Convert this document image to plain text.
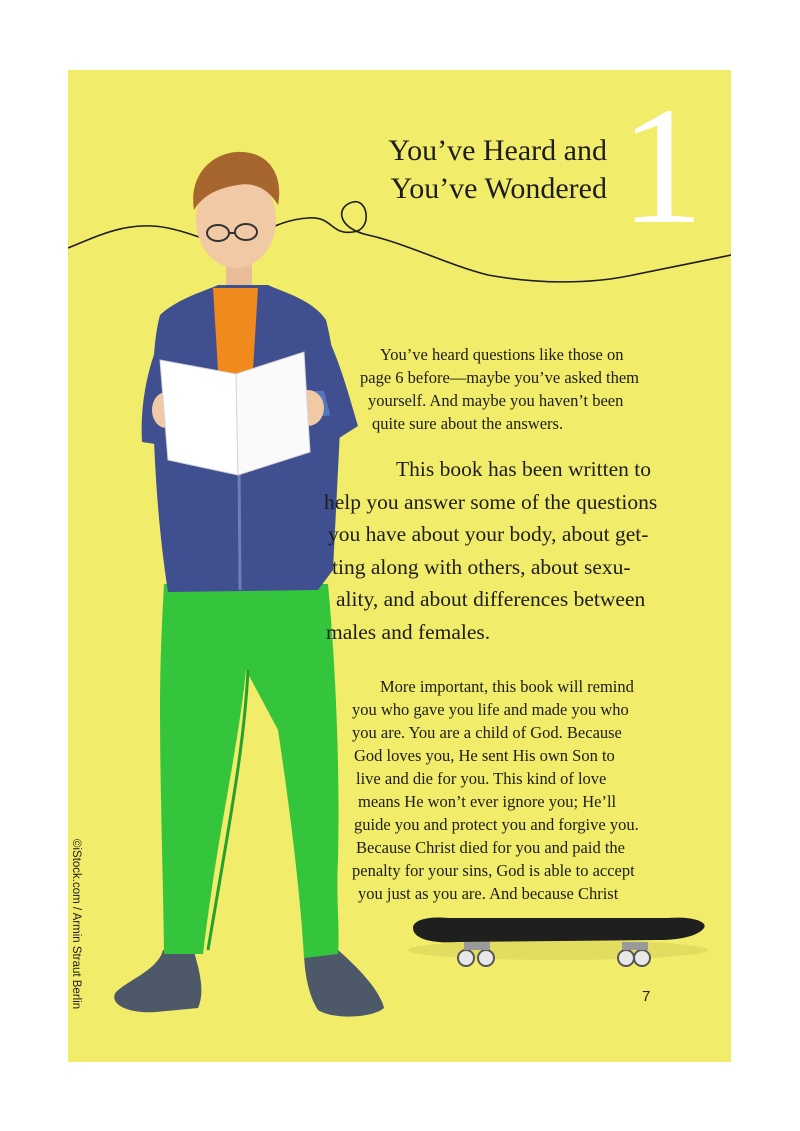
You’ve Heard and
You’ve Wondered 1
You’ve heard questions like those on
page 6 before—maybe you’ve asked them
yourself. And maybe you haven’t been
quite sure about the answers.
This book has been written to
help you answer some of the questions
you have about your body, about get-
ting along with others, about sexu-
ality, and about differences between
males and females.
More important, this book will remind
you who gave you life and made you who
you are. You are a child of God. Because
God loves you, He sent His own Son to
live and die for you. This kind of love
means He won’t ever ignore you; He’ll
guide you and protect you and forgive you.
Because Christ died for you and paid the
penalty for your sins, God is able to accept
you just as you are. And because Christ
7
©iStock.com / Armin Straut Berlin
